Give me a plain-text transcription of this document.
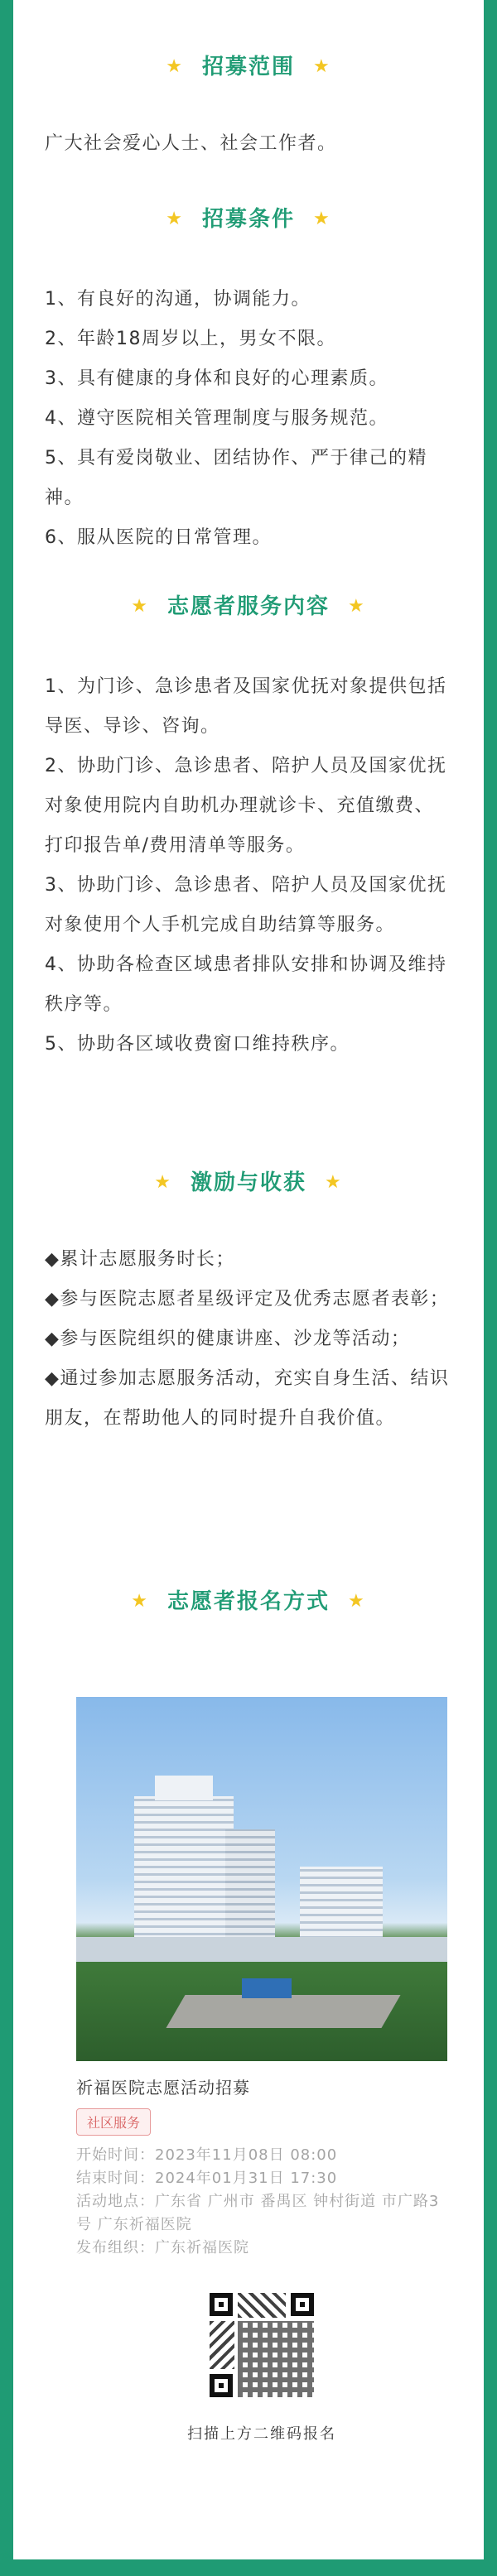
★ 招募范围 ★

广大社会爱心人士、社会工作者。

★ 招募条件 ★

1、有良好的沟通，协调能力。

2、年龄18周岁以上，男女不限。

3、具有健康的身体和良好的心理素质。

4、遵守医院相关管理制度与服务规范。

5、具有爱岗敬业、团结协作、严于律己的精神。

6、服从医院的日常管理。

★ 志愿者服务内容 ★

1、为门诊、急诊患者及国家优抚对象提供包括导医、导诊、咨询。

2、协助门诊、急诊患者、陪护人员及国家优抚对象使用院内自助机办理就诊卡、充值缴费、打印报告单/费用清单等服务。

3、协助门诊、急诊患者、陪护人员及国家优抚对象使用个人手机完成自助结算等服务。

4、协助各检查区域患者排队安排和协调及维持秩序等。

5、协助各区域收费窗口维持秩序。

★ 激励与收获 ★

◆累计志愿服务时长；

◆参与医院志愿者星级评定及优秀志愿者表彰；

◆参与医院组织的健康讲座、沙龙等活动；

◆通过参加志愿服务活动，充实自身生活、结识朋友，在帮助他人的同时提升自我价值。

★ 志愿者报名方式 ★
祈福医院志愿活动招募
社区服务

开始时间：2023年11月08日 08:00

结束时间：2024年01月31日 17:30

活动地点：广东省 广州市 番禺区 钟村街道 市广路3号 广东祈福医院

发布组织：广东祈福医院

扫描上方二维码报名
